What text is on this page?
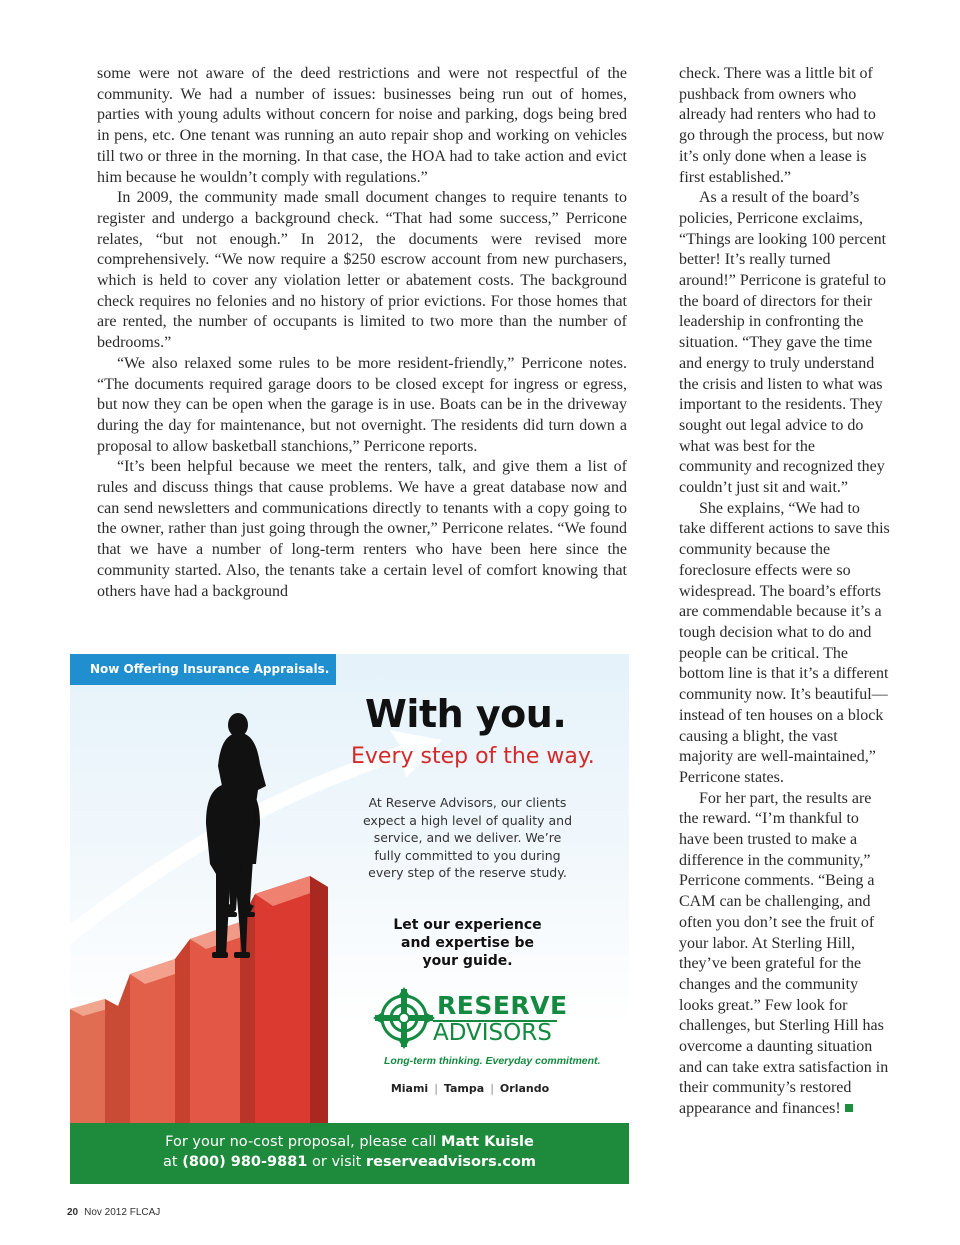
some were not aware of the deed restrictions and were not respectful of the community. We had a number of issues: businesses being run out of homes, parties with young adults without concern for noise and parking, dogs being bred in pens, etc. One tenant was running an auto repair shop and working on vehicles till two or three in the morning. In that case, the HOA had to take action and evict him because he wouldn’t comply with regulations.”

In 2009, the community made small document changes to require tenants to register and undergo a background check. “That had some success,” Perricone relates, “but not enough.” In 2012, the documents were revised more comprehensively. “We now require a $250 escrow account from new purchasers, which is held to cover any violation letter or abatement costs. The background check requires no felonies and no history of prior evictions. For those homes that are rented, the number of occupants is limited to two more than the number of bedrooms.”

“We also relaxed some rules to be more resident-friendly,” Perricone notes. “The documents required garage doors to be closed except for ingress or egress, but now they can be open when the garage is in use. Boats can be in the driveway during the day for maintenance, but not overnight. The residents did turn down a proposal to allow basketball stanchions,” Perricone reports.

“It’s been helpful because we meet the renters, talk, and give them a list of rules and discuss things that cause problems. We have a great database now and can send newsletters and communications directly to tenants with a copy going to the owner, rather than just going through the owner,” Perricone relates. “We found that we have a number of long-term renters who have been here since the community started. Also, the tenants take a certain level of comfort knowing that others have had a background

check. There was a little bit of pushback from owners who already had renters who had to go through the process, but now it’s only done when a lease is first established.”

As a result of the board’s policies, Perricone exclaims, “Things are looking 100 percent better! It’s really turned around!” Perricone is grateful to the board of directors for their leadership in confronting the situation. “They gave the time and energy to truly understand the crisis and listen to what was important to the residents. They sought out legal advice to do what was best for the community and recognized they couldn’t just sit and wait.”

She explains, “We had to take different actions to save this community because the foreclosure effects were so widespread. The board’s efforts are commendable because it’s a tough decision what to do and people can be critical. The bottom line is that it’s a different community now. It’s beautiful—instead of ten houses on a block causing a blight, the vast majority are well-maintained,” Perricone states.

For her part, the results are the reward. “I’m thankful to have been trusted to make a difference in the community,” Perricone comments. “Being a CAM can be challenging, and often you don’t see the fruit of your labor. At Sterling Hill, they’ve been grateful for the changes and the community looks great.” Few look for challenges, but Sterling Hill has overcome a daunting situation and can take extra satisfaction in their community’s restored appearance and finances!

Now Offering Insurance Appraisals.
With you.
Every step of the way.
At Reserve Advisors, our clients expect a high level of quality and service, and we deliver. We’re fully committed to you during every step of the reserve study.
Let our experience and expertise be your guide.
RESERVE
ADVISORS
Long-term thinking. Everyday commitment.
Miami | Tampa | Orlando
For your no-cost proposal, please call Matt Kuisle
at (800) 980-9881 or visit reserveadvisors.com
20 Nov 2012 FLCAJ
